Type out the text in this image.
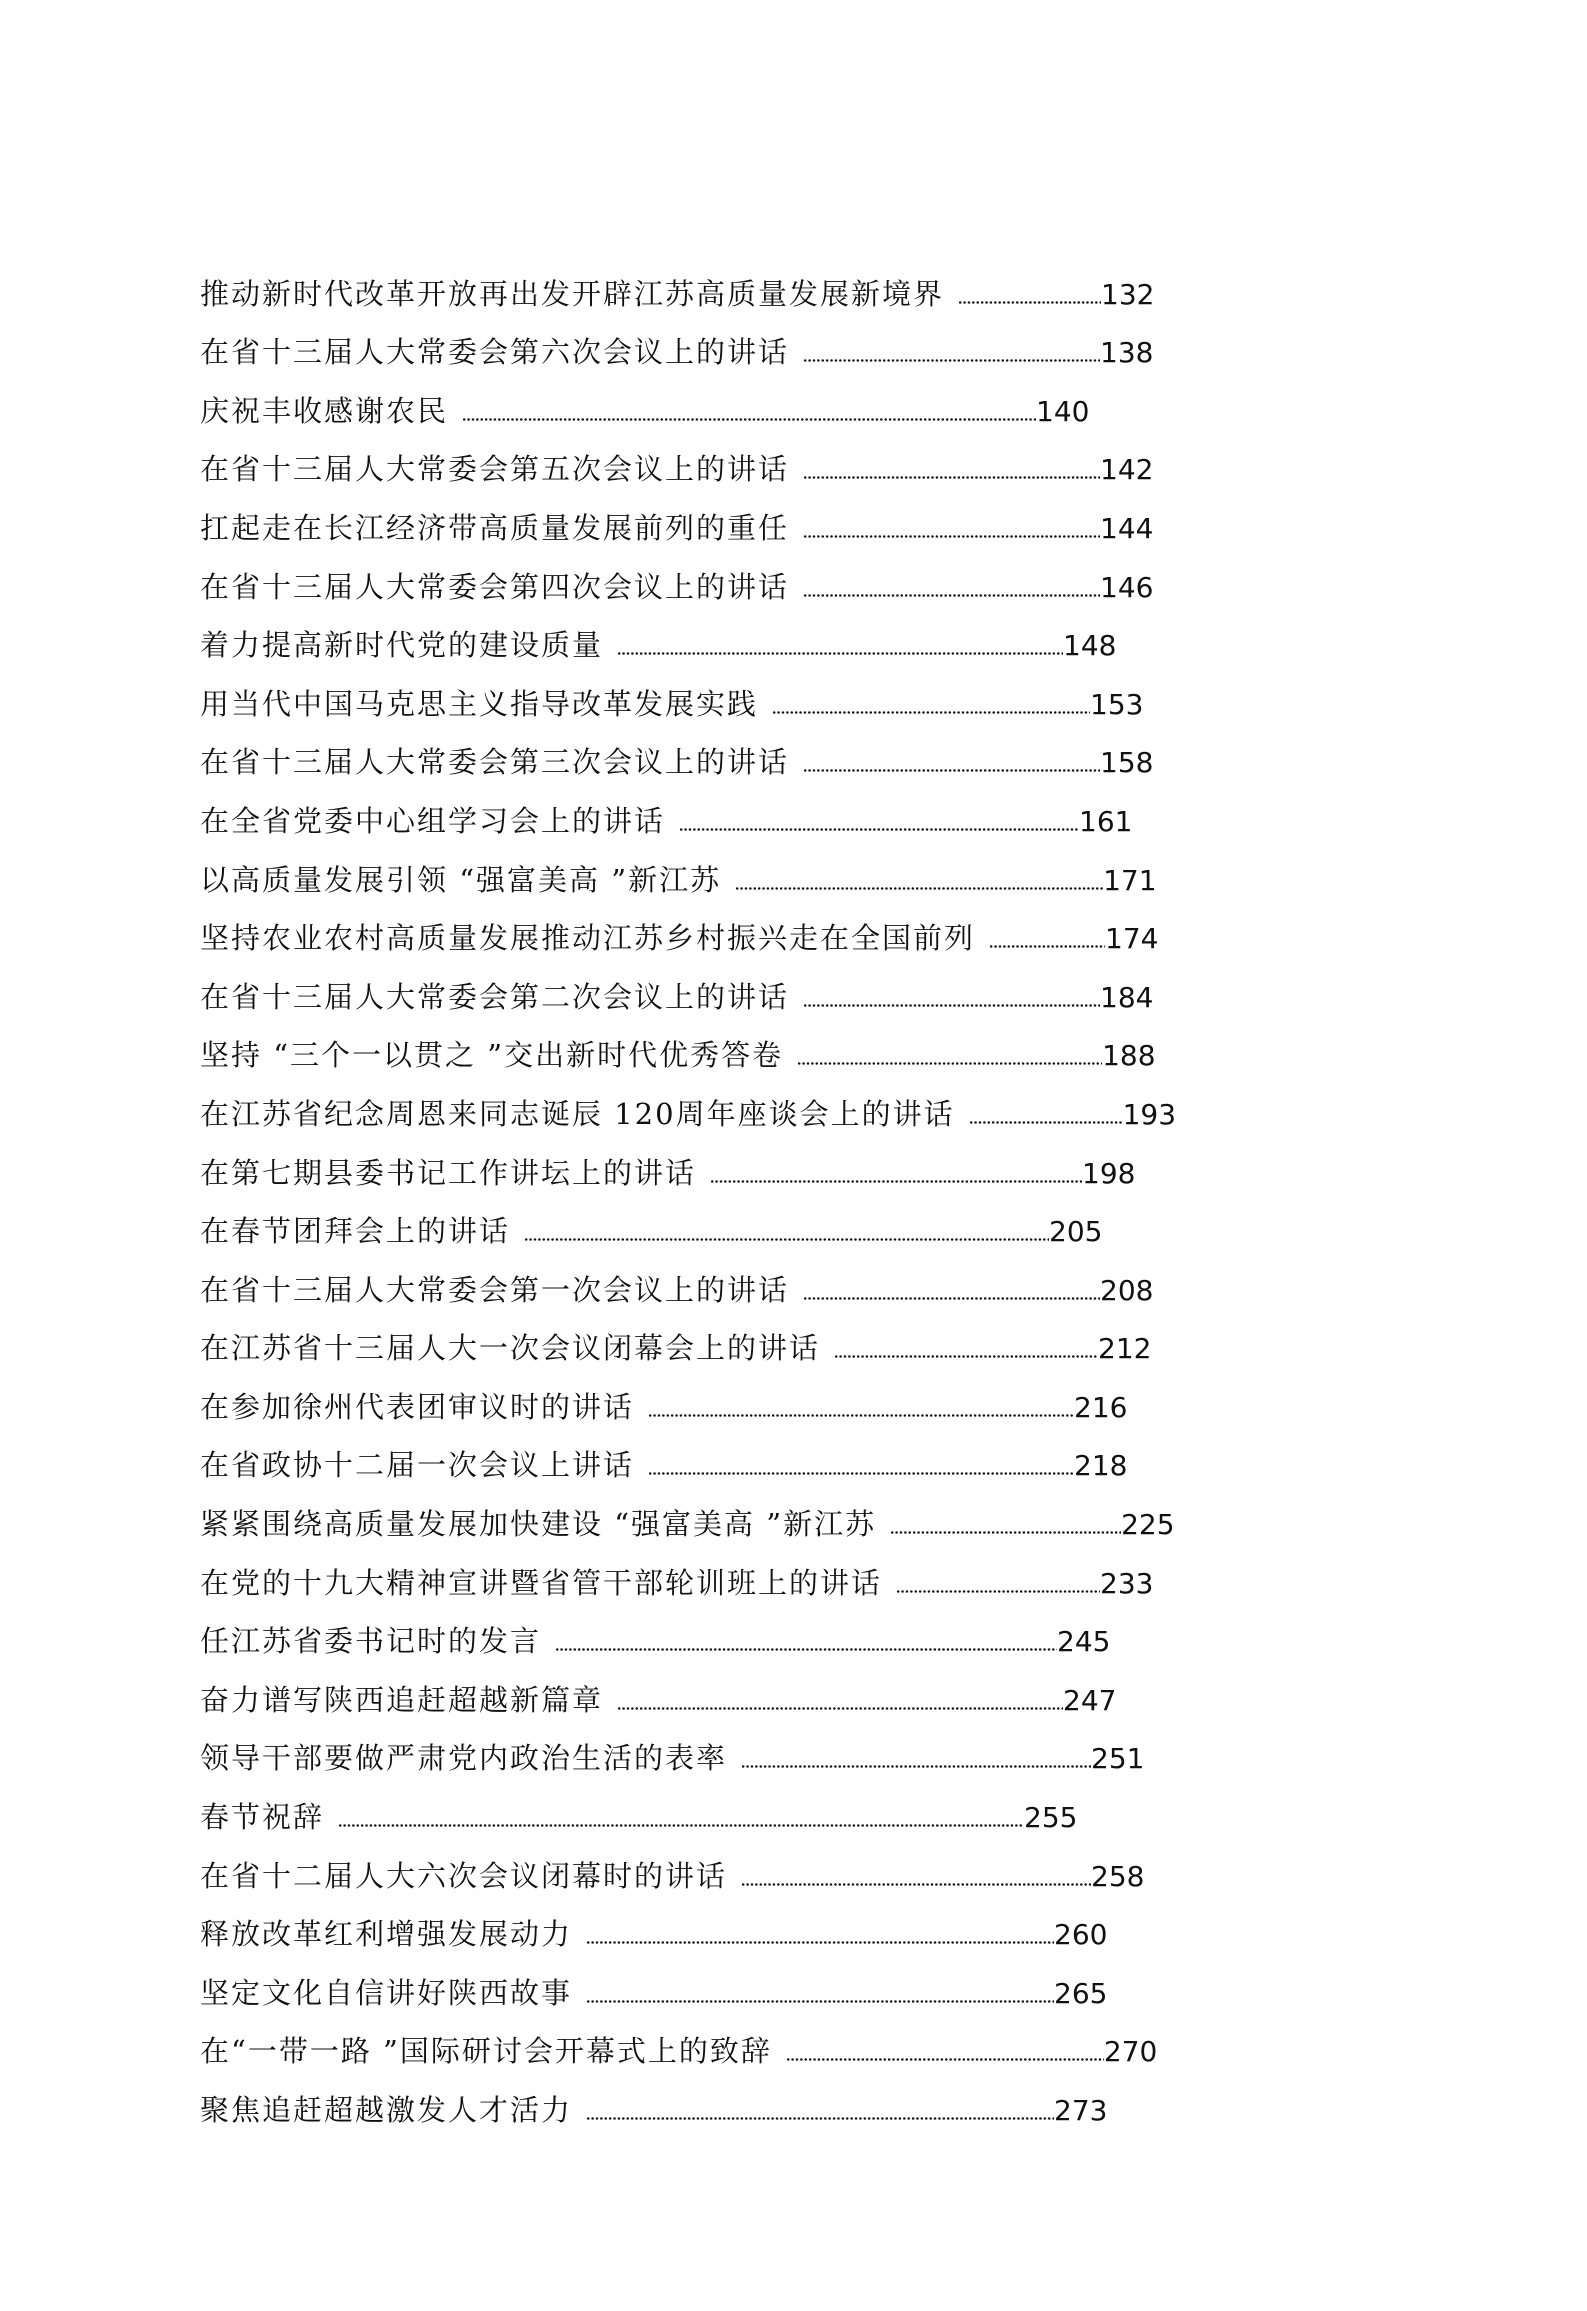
推动新时代改革开放再出发开辟江苏高质量发展新境界	132
在省十三届人大常委会第六次会议上的讲话	138
庆祝丰收感谢农民	140
在省十三届人大常委会第五次会议上的讲话	142
扛起走在长江经济带高质量发展前列的重任	144
在省十三届人大常委会第四次会议上的讲话	146
着力提高新时代党的建设质量	148
用当代中国马克思主义指导改革发展实践	153
在省十三届人大常委会第三次会议上的讲话	158
在全省党委中心组学习会上的讲话	161
以高质量发展引领 “强富美高 ”新江苏	171
坚持农业农村高质量发展推动江苏乡村振兴走在全国前列	174
在省十三届人大常委会第二次会议上的讲话	184
坚持 “三个一以贯之 ”交出新时代优秀答卷	188
在江苏省纪念周恩来同志诞辰 120周年座谈会上的讲话	193
在第七期县委书记工作讲坛上的讲话	198
在春节团拜会上的讲话	205
在省十三届人大常委会第一次会议上的讲话	208
在江苏省十三届人大一次会议闭幕会上的讲话	212
在参加徐州代表团审议时的讲话	216
在省政协十二届一次会议上讲话	218
紧紧围绕高质量发展加快建设 “强富美高 ”新江苏	225
在党的十九大精神宣讲暨省管干部轮训班上的讲话	233
任江苏省委书记时的发言	245
奋力谱写陕西追赶超越新篇章	247
领导干部要做严肃党内政治生活的表率	251
春节祝辞	255
在省十二届人大六次会议闭幕时的讲话	258
释放改革红利增强发展动力	260
坚定文化自信讲好陕西故事	265
在“一带一路 ”国际研讨会开幕式上的致辞	270
聚焦追赶超越激发人才活力	273
